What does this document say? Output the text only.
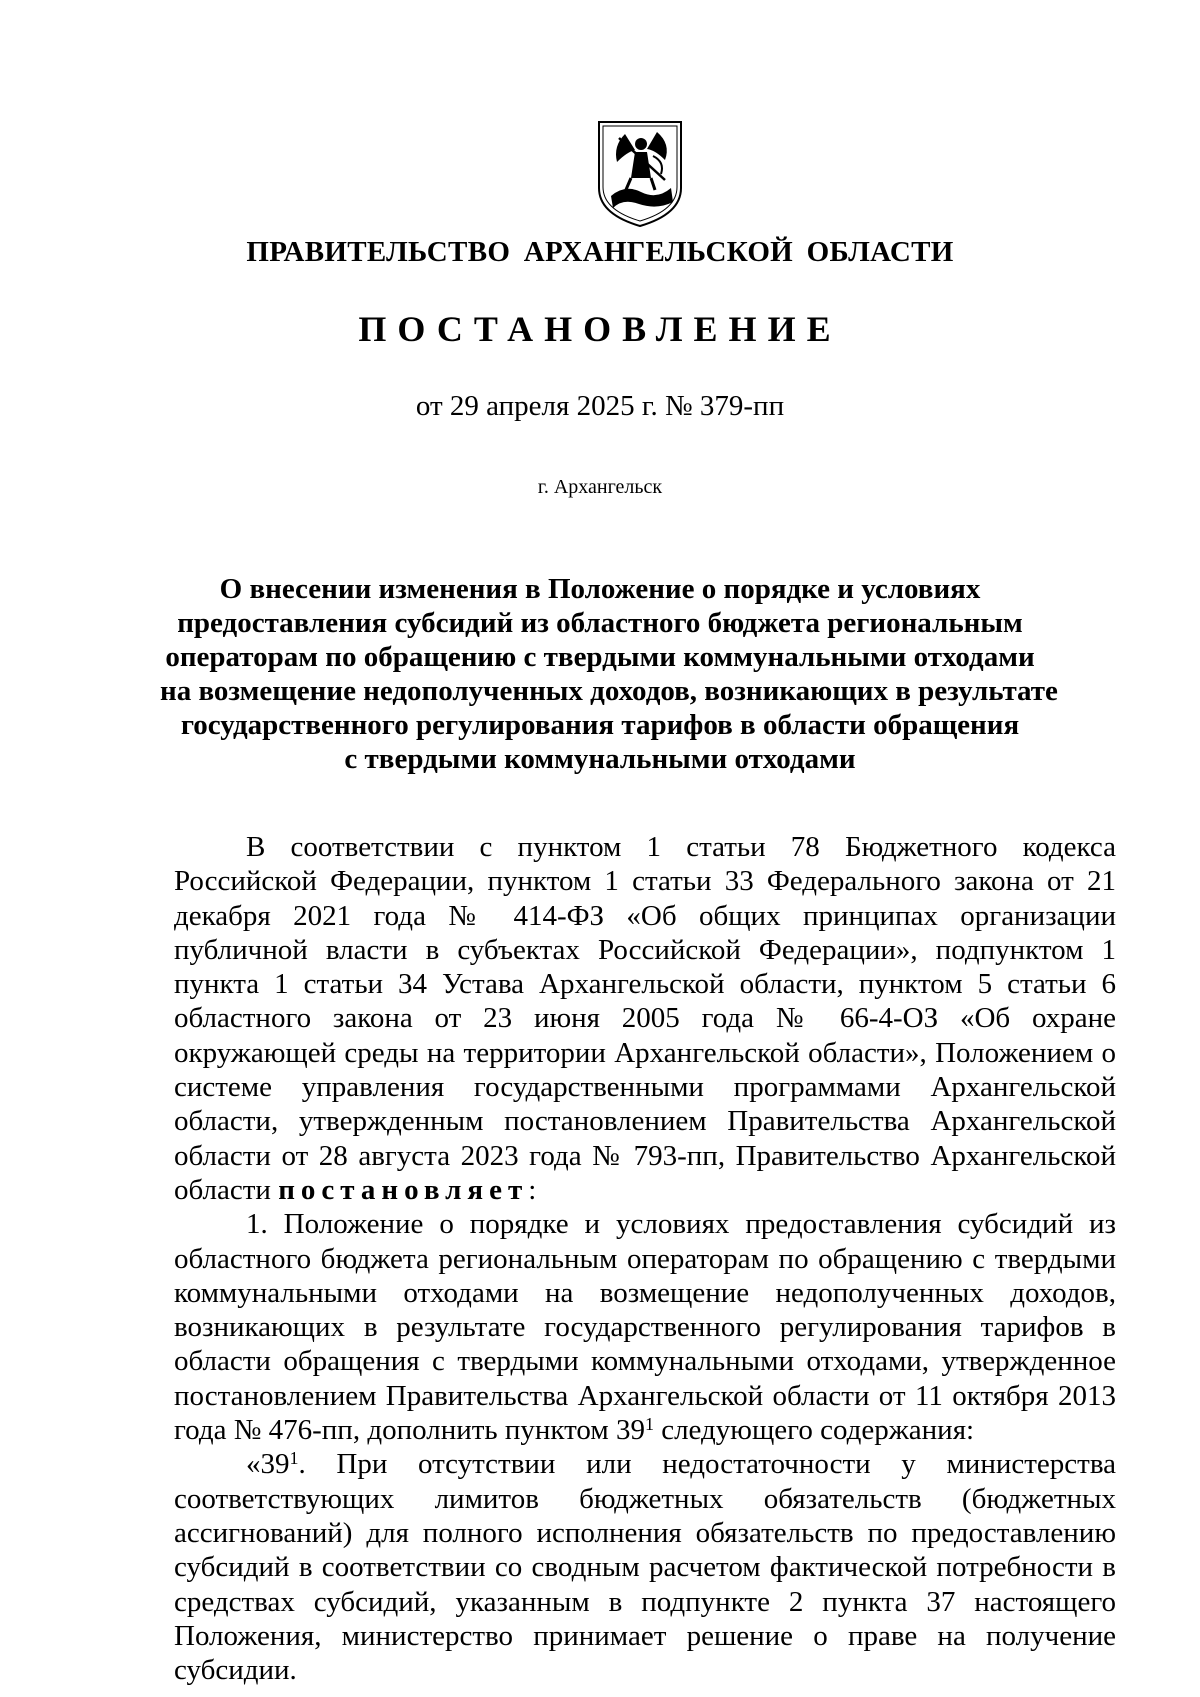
ПРАВИТЕЛЬСТВО АРХАНГЕЛЬСКОЙ ОБЛАСТИ
ПОСТАНОВЛЕНИЕ
от 29 апреля 2025 г. № 379-пп
г. Архангельск
О внесении изменения в Положение о порядке и условиях
предоставления субсидий из областного бюджета региональным
операторам по обращению с твердыми коммунальными отходами
на возмещение недополученных доходов, возникающих в результате
государственного регулирования тарифов в области обращения
с твердыми коммунальными отходами

В соответствии с пунктом 1 статьи 78 Бюджетного кодекса Российской Федерации, пунктом 1 статьи 33 Федерального закона от 21 декабря 2021 года № 414-ФЗ «Об общих принципах организации публичной власти в субъектах Российской Федерации», подпунктом 1 пункта 1 статьи 34 Устава Архангельской области, пунктом 5 статьи 6 областного закона от 23 июня 2005 года № 66-4-ОЗ «Об охране окружающей среды на территории Архангельской области», Положением о системе управления государственными программами Архангельской области, утвержденным постановлением Правительства Архангельской области от 28 августа 2023 года № 793-пп, Правительство Архангельской области постановляет:

1. Положение о порядке и условиях предоставления субсидий из областного бюджета региональным операторам по обращению с твердыми коммунальными отходами на возмещение недополученных доходов, возникающих в результате государственного регулирования тарифов в области обращения с твердыми коммунальными отходами, утвержденное постановлением Правительства Архангельской области от 11 октября 2013 года № 476-пп, дополнить пунктом $39^1$ следующего содержания:

«$39^1$. При отсутствии или недостаточности у министерства соответствующих лимитов бюджетных обязательств (бюджетных ассигнований) для полного исполнения обязательств по предоставлению субсидий в соответствии со сводным расчетом фактической потребности в средствах субсидий, указанным в подпункте 2 пункта 37 настоящего Положения, министерство принимает решение о праве на получение субсидии.
